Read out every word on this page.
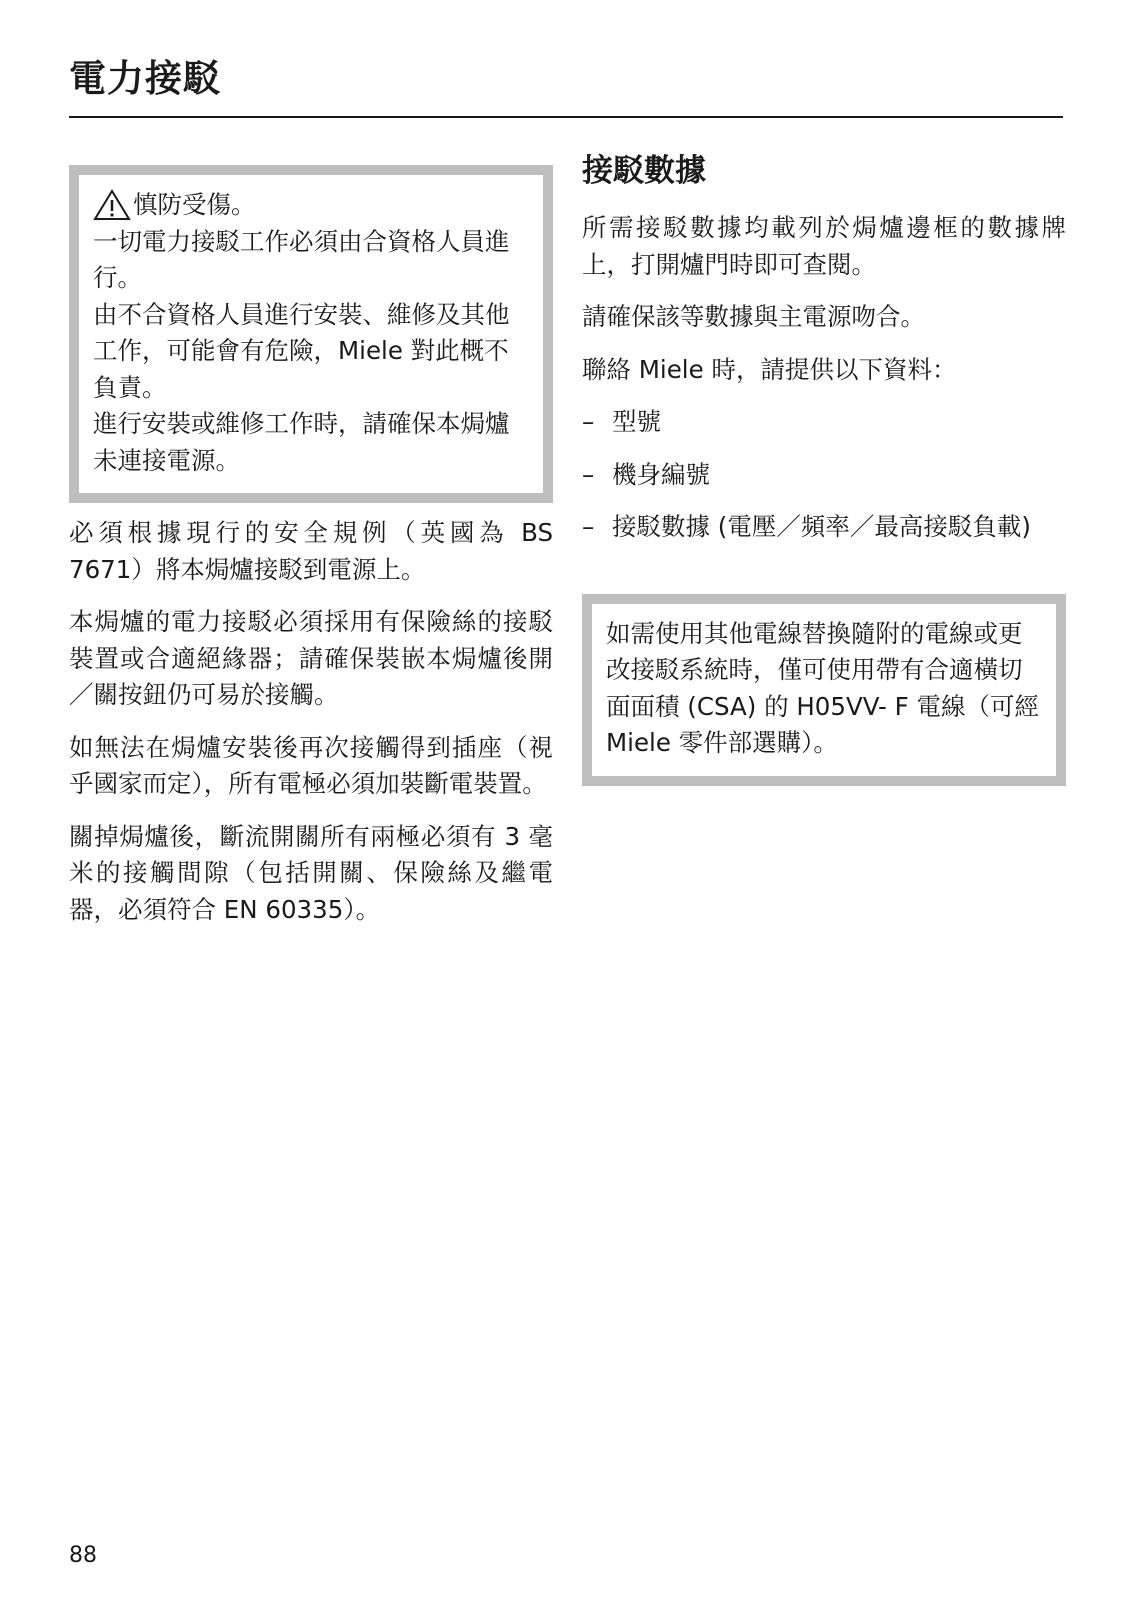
電力接駁
慎防受傷。

一切電力接駁工作必須由合資格人員進行。

由不合資格人員進行安裝、維修及其他工作，可能會有危險，Miele 對此概不負責。

進行安裝或維修工作時，請確保本焗爐未連接電源。

必須根據現行的安全規例（英國為 BS 7671）將本焗爐接駁到電源上。

本焗爐的電力接駁必須採用有保險絲的接駁裝置或合適絕緣器；請確保裝嵌本焗爐後開／關按鈕仍可易於接觸。

如無法在焗爐安裝後再次接觸得到插座（視乎國家而定），所有電極必須加裝斷電裝置。

關掉焗爐後，斷流開關所有兩極必須有 3 毫米的接觸間隙（包括開關、保險絲及繼電器，必須符合 EN 60335）。

接駁數據

所需接駁數據均載列於焗爐邊框的數據牌上，打開爐門時即可查閱。

請確保該等數據與主電源吻合。

聯絡 Miele 時，請提供以下資料：

– 型號
– 機身編號
– 接駁數據 (電壓／頻率／最高接駁負載)

如需使用其他電線替換隨附的電線或更改接駁系統時，僅可使用帶有合適橫切面面積 (CSA) 的 H05VV- F 電線（可經 Miele 零件部選購）。

88
